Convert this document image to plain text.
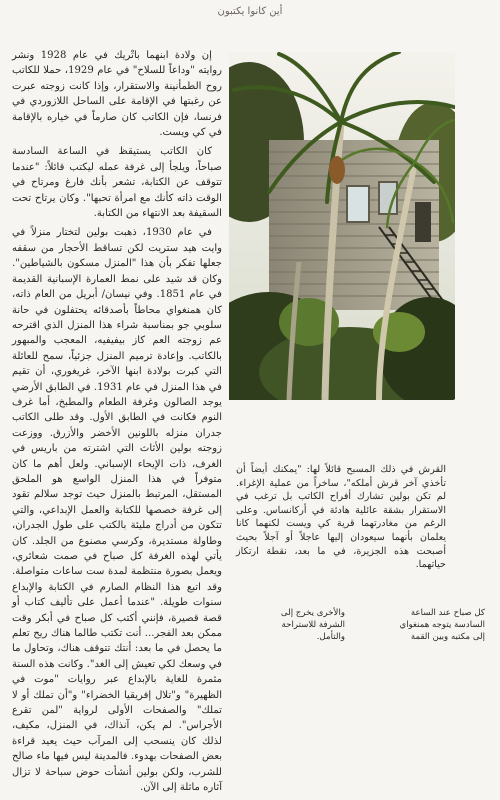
أين كانوا يكتبون

إن ولادة ابنهما باتْريك في عام 1928 ونشر روايته "وداعاً للسلاح" في عام 1929، حملا للكاتب روح الطمأنينة والاستقرار، وإذا كانت زوجته عبرت عن رغبتها في الإقامة على الساحل اللازوردي في فرنسا، فإن الكاتب كان صارماً في خياره بالإقامة في كي ويست.

كان الكاتب يستيقظ في الساعة السادسة صباحاً، ويلجأ إلى غرفة عمله ليكتب قائلاً: "عندما تتوقف عن الكتابة، تشعر بأنك فارغ ومرتاح في الوقت ذاته كأنك مع امرأة تحبها". وكان يرتاح تحت السقيفة بعد الانتهاء من الكتابة.

في عام 1930، ذهبت بولين لتختار منزلاً في وايت هيد ستريت لكن تساقط الأحجار من سقفه جعلها تفكر بأن هذا "المنزل مسكون بالشياطين". وكان قد شيد على نمط العمارة الإسبانية القديمة في عام 1851. وفي نيسان/ أبريل من العام ذاته، كان همنغواي محاطاً بأصدقائه يحتفلون في حانة سلوبي جو بمناسبة شراء هذا المنزل الذي اقترحه عم زوجته العم كاز بيفيفيه، المعجب والمبهور بالكاتب. وإعادة ترميم المنزل جزئياً، سمح للعائلة التي كبرت بولادة ابنها الآخر، غريغوري، أن تقيم في هذا المنزل في عام 1931. في الطابق الأرضي يوجد الصالون وغرفة الطعام والمطبخ، أما غرف النوم فكانت في الطابق الأول. وقد طلى الكاتب جدران منزله باللونين الأخضر والأزرق. ووزعت زوجته بولين الأثاث التي اشترته من باريس في الغرف، ذات الإيحاء الإسباني. ولعل أهم ما كان متوفراً في هذا المنزل الواسع هو الملحق المستقل، المرتبط بالمنزل حيث توجد سلالم تقود إلى غرفة خصصها للكتابة والعمل الإبداعي، والتي تتكون من أدراج مليئة بالكتب على طول الجدران، وطاولة مستديرة، وكرسي مصنوع من الجلد. كان يأتي لهذه الغرفة كل صباح في صمت شعائري، ويعمل بصورة منتظمة لمدة ست ساعات متواصلة. وقد اتبع هذا النظام الصارم في الكتابة والإبداع سنوات طويلة. "عندما أعمل على تأليف كتاب أو قصة قصيرة، فإنني أكتب كل صباح في أبكر وقت ممكن بعد الفجر... أنت تكتب طالما هناك ريح تعلم ما يحصل في ما بعد: أنتك تتوقف هناك، وتحاول ما في وسعك لكي تعيش إلى الغد". وكانت هذه السنة مثمرة للغاية بالإبداع عبر روايات "موت في الظهيرة" و"تلال إفريقيا الخضراء" و"أن تملك أو لا تملك" والصفحات الأولى لرواية "لمن تقرع الأجراس". لم يكن، آنذاك، في المنزل، مكيف، لذلك كان ينسحب إلى المرآب حيث يعيد قراءة بعض الصفحات بهدوء. فالمدينة ليس فيها ماء صالح للشرب، ولكن بولين أنشأت حوض سباحة لا تزال آثاره ماثلة إلى الآن.

القرش في ذلك المسبح قائلاً لها: "يمكنك أيضاً أن تأخذي آخر قرش أملكه"، ساخراً من عملية الإغراء. لم تكن بولين تشارك أفراح الكاتب بل ترغب في الاستقرار بشقة عائلية هادئة في أركانساس. وعلى الرغم من مغادرتهما قرية كي ويست لكنهما كانا يعلمان بأنهما سيعودان إليها عاجلاً أو آجلاً بحيث أصبحت هذه الجزيرة، في ما بعد، نقطة ارتكاز حياتهما.

كل صباح عند الساعة

السادسة يتوجه همنغواي

إلى مكتبه وبين القمة

والأخرى يخرج إلى

الشرفة للاستراحة

والتأمل.
